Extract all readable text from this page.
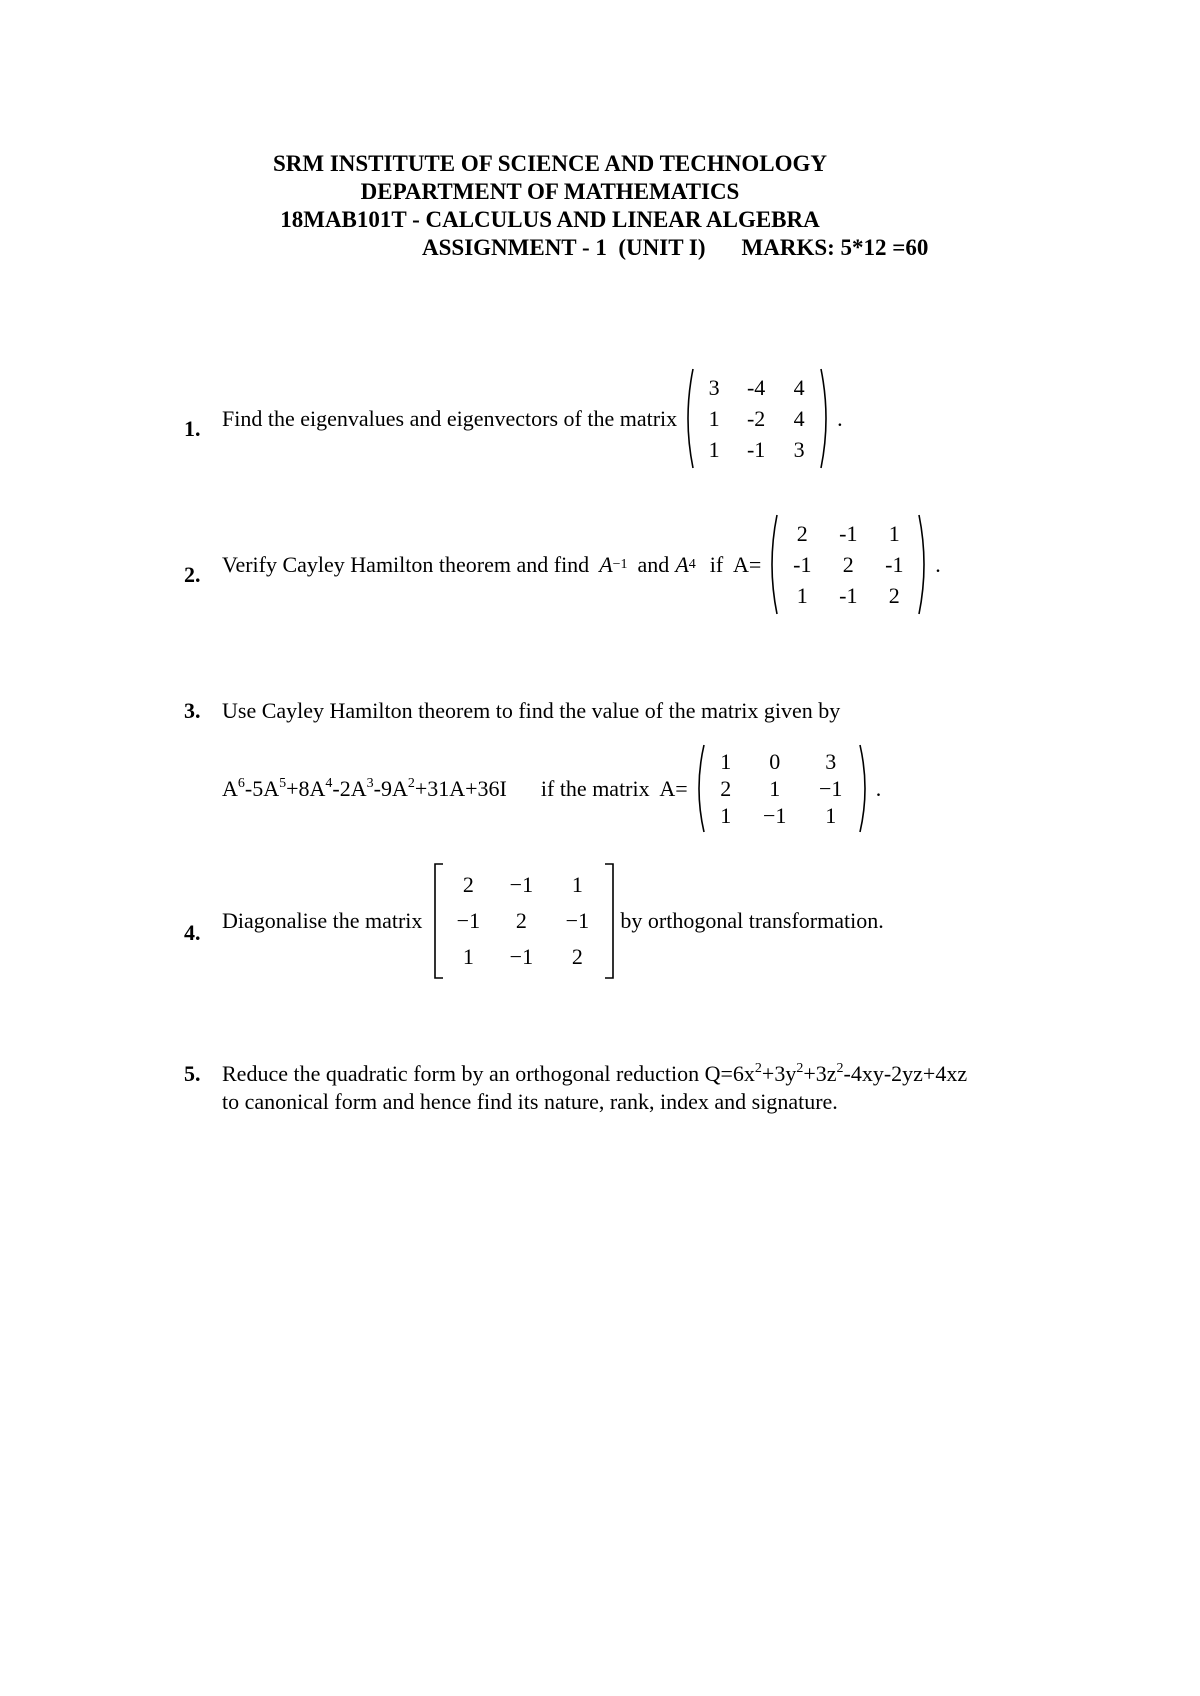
SRM INSTITUTE OF SCIENCE AND TECHNOLOGY
DEPARTMENT OF MATHEMATICS
18MAB101T - CALCULUS AND LINEAR ALGEBRA
ASSIGNMENT - 1  (UNIT I) MARKS: 5*12 =60
1. Find the eigenvalues and eigenvectors of the matrix
3	-4	4
1	-2	4
1	-1	3
.
2. Verify Cayley Hamilton theorem and find A −1 and A 4 if  A=
2	-1	1
-1	2	-1
1	-1	2
.
3. Use Cayley Hamilton theorem to find the value of the matrix given by
$A^6-5A^5+8A^4-2A^3-9A^2+31A+36I$ if the matrix  A=
1	0	3
2	1	−1
1	−1	1
.
4. Diagonalise the matrix
2	−1	1
−1	2	−1
1	−1	2
by orthogonal transformation.
5. Reduce the quadratic form by an orthogonal reduction $Q=6x^2+3y^2+3z^2-4xy-2yz+4xz$
to canonical form and hence find its nature, rank, index and signature.
